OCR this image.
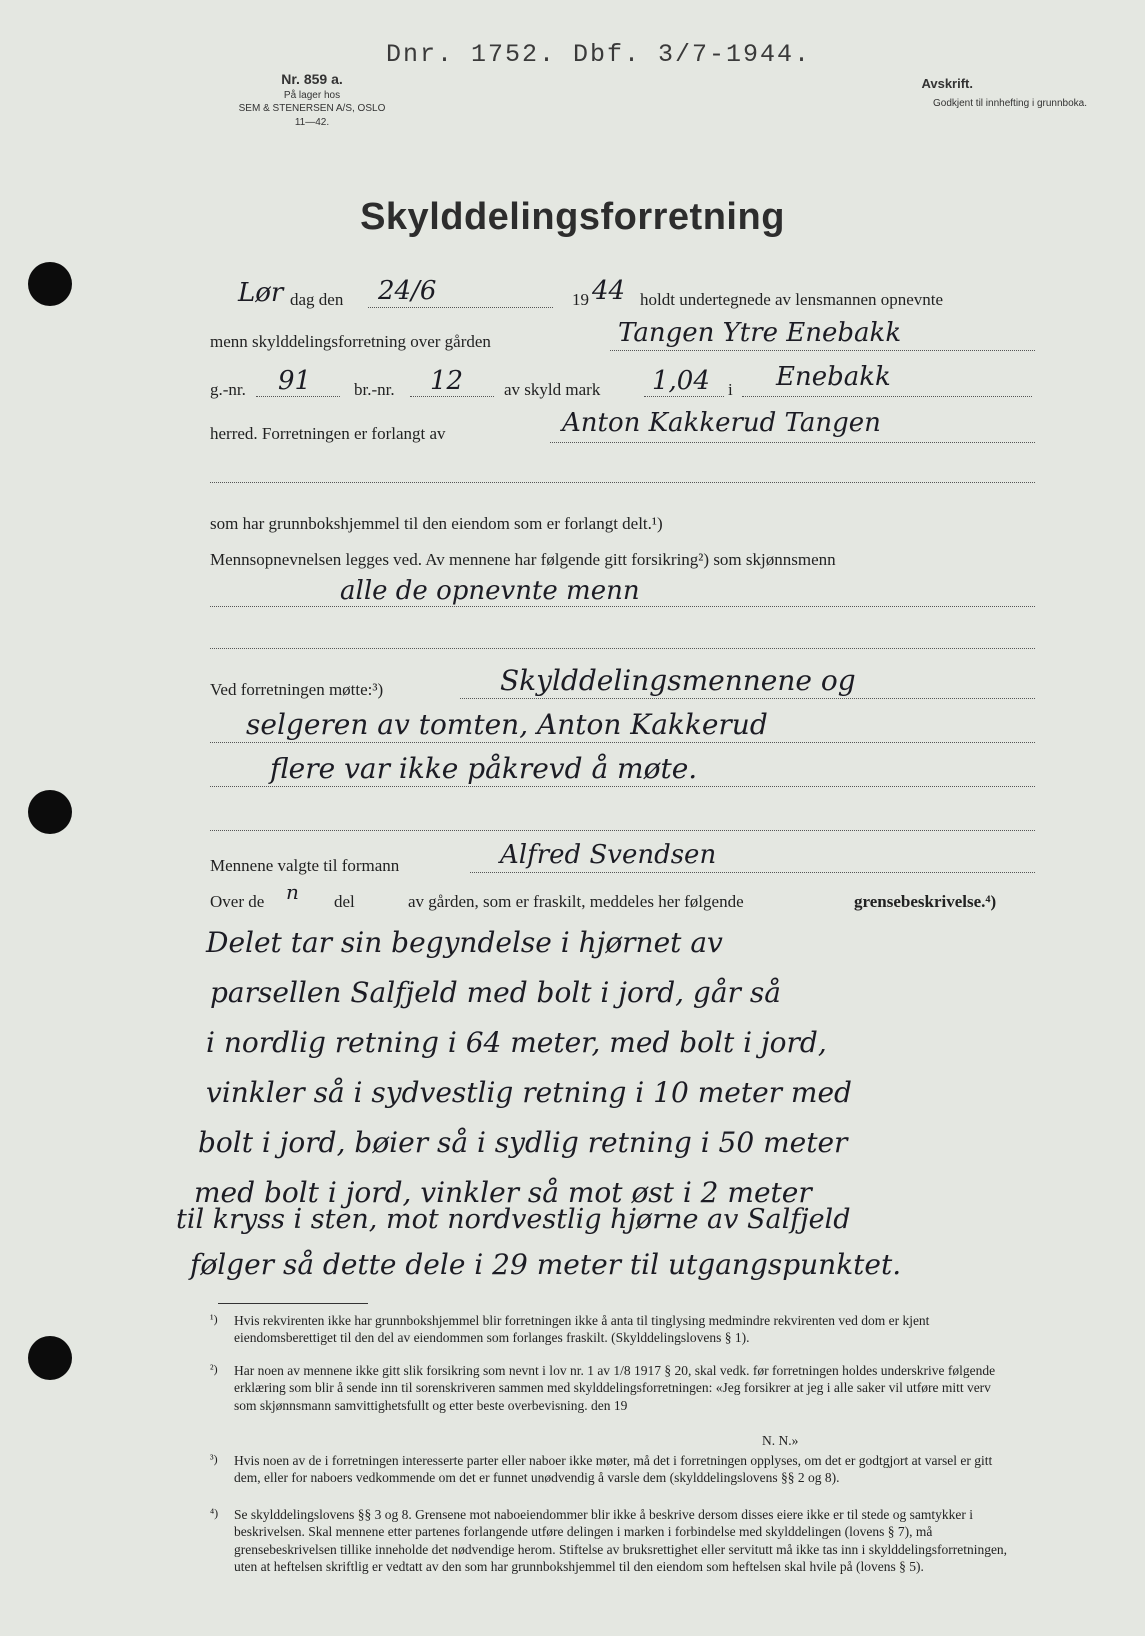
Dnr. 1752. Dbf. 3/7-1944.
Nr. 859 a.
På lager hos
SEM & STENERSEN A/S, OSLO
11—42.
Avskrift.
Godkjent til innhefting i grunnboka.
Skylddelingsforretning
Lør dag den 24/6	19 44 holdt undertegnede av lensmannen opnevnte
menn skylddelingsforretning over gården	Tangen Ytre Enebakk
g.-nr. 91	br.-nr. 12 av skyld mark 1,04 i Enebakk
herred. Forretningen er forlangt av	Anton Kakkerud Tangen
som har grunnbokshjemmel til den eiendom som er forlangt delt.¹)
Mennsopnevnelsen legges ved. Av mennene har følgende gitt forsikring²) som skjønnsmenn
alle de opnevnte menn
Ved forretningen møtte:³)	Skylddelingsmennene og
selgeren av tomten, Anton Kakkerud
flere var ikke påkrevd å møte.
Mennene valgte til formann	Alfred Svendsen
Over de n del	av gården, som er fraskilt, meddeles her følgende	grensebeskrivelse.⁴)
Delet tar sin begyndelse i hjørnet av
parsellen Salfjeld med bolt i jord, går så
i nordlig retning i 64 meter, med bolt i jord,
vinkler så i sydvestlig retning i 10 meter med
bolt i jord, bøier så i sydlig retning i 50 meter
med bolt i jord, vinkler så mot øst i 2 meter
til kryss i sten, mot nordvestlig hjørne av Salfjeld
følger så dette dele i 29 meter til utgangspunktet.
¹) Hvis rekvirenten ikke har grunnbokshjemmel blir forretningen ikke å anta til tinglysing medmindre rekvirenten ved dom er kjent eiendomsberettiget til den del av eiendommen som forlanges fraskilt. (Skylddelingslovens § 1).
²) Har noen av mennene ikke gitt slik forsikring som nevnt i lov nr. 1 av 1/8 1917 § 20, skal vedk. før forretningen holdes underskrive følgende erklæring som blir å sende inn til sorenskriveren sammen med skylddelingsforretningen: «Jeg forsikrer at jeg i alle saker vil utføre mitt verv som skjønnsmann samvittighetsfullt og etter beste overbevisning. den 19
N. N.»
³) Hvis noen av de i forretningen interesserte parter eller naboer ikke møter, må det i forretningen opplyses, om det er godtgjort at varsel er gitt dem, eller for naboers vedkommende om det er funnet unødvendig å varsle dem (skylddelingslovens §§ 2 og 8).
⁴) Se skylddelingslovens §§ 3 og 8. Grensene mot naboeiendommer blir ikke å beskrive dersom disses eiere ikke er til stede og samtykker i beskrivelsen. Skal mennene etter partenes forlangende utføre delingen i marken i forbindelse med skylddelingen (lovens § 7), må grensebeskrivelsen tillike inneholde det nødvendige herom. Stiftelse av bruksrettighet eller servitutt må ikke tas inn i skylddelingsforretningen, uten at heftelsen skriftlig er vedtatt av den som har grunnbokshjemmel til den eiendom som heftelsen skal hvile på (lovens § 5).
